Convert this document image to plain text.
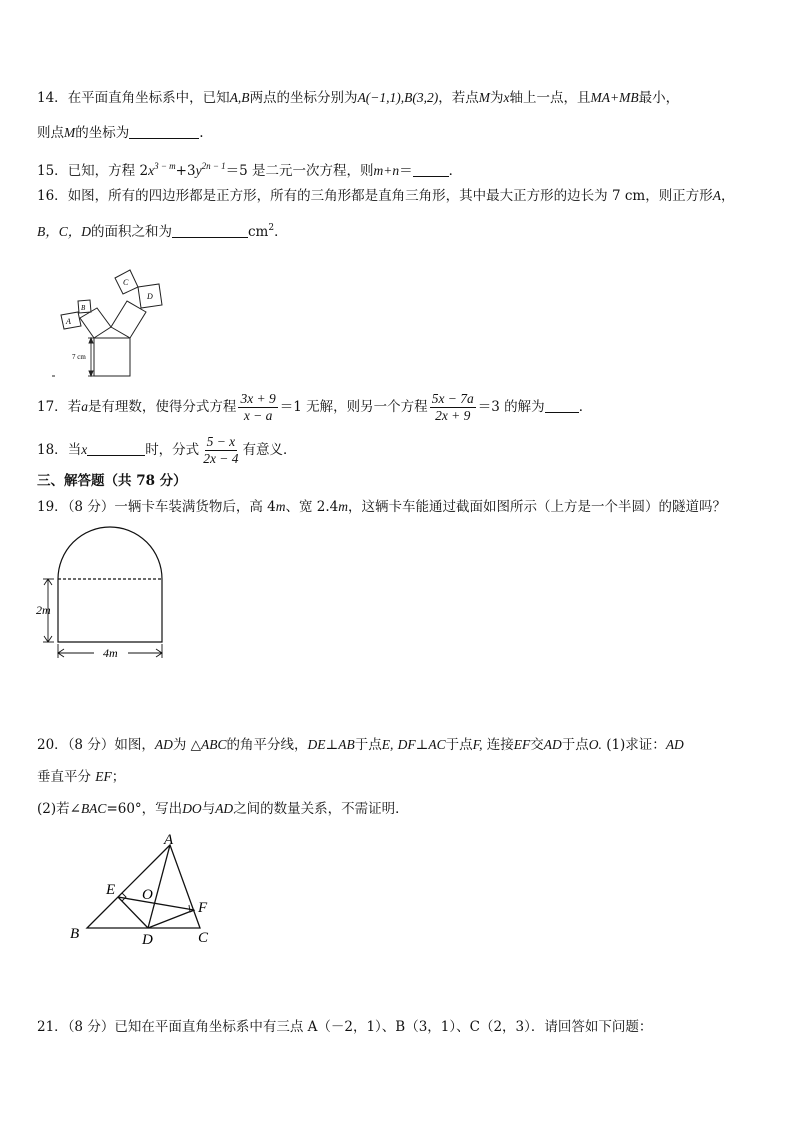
14．在平面直角坐标系中，已知A,B两点的坐标分别为A(−1,1),B(3,2)，若点M为x轴上一点，且MA+MB最小，
则点M的坐标为	.
15．已知，方程 $2x^{3 - m}+3y^{2n - 1}=5$ 是二元一次方程，则m+n＝	．
16．如图，所有的四边形都是正方形，所有的三角形都是直角三角形，其中最大正方形的边长为 7 cm，则正方形A，
B，C，D的面积之和为	$cm^2$．
A
B
C
D
7 cm
17．若a是有理数，使得分式方程 $\frac{3x + 9}{x - a} =1$ 无解，则另一个方程 $\frac{5x - 7a}{2x + 9} =3$ 的解为	．
18．当x	时，分式 $\frac{5 - x}{2x - 4}$ 有意义．
三、解答题（共 78 分）
19．（8 分）一辆卡车装满货物后，高 4m、宽 2.4m，这辆卡车能通过截面如图所示（上方是一个半圆）的隧道吗？
2m
4m
20．（8 分）如图，AD为 △ABC的角平分线，DE⊥AB于点E, DF⊥AC于点F, 连接EF交AD于点O. (1)求证：AD
垂直平分 EF；
(2)若∠BAC=60°，写出DO与AD之间的数量关系，不需证明．
A
B	C
D
E
F
O
21．（8 分）已知在平面直角坐标系中有三点 A（－2，1）、B（3，1）、C（2，3）．请回答如下问题：
